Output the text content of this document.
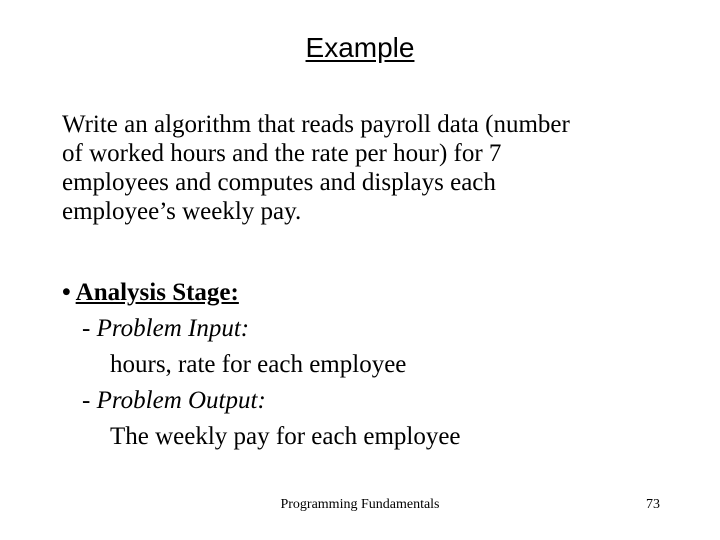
Example
Write an algorithm that reads payroll data (number
of worked hours and the rate per hour) for 7
employees and computes and displays each
employee’s weekly pay.
• Analysis Stage:
- Problem Input:
hours, rate for each employee
- Problem Output:
The weekly pay for each employee
Programming Fundamentals	73
